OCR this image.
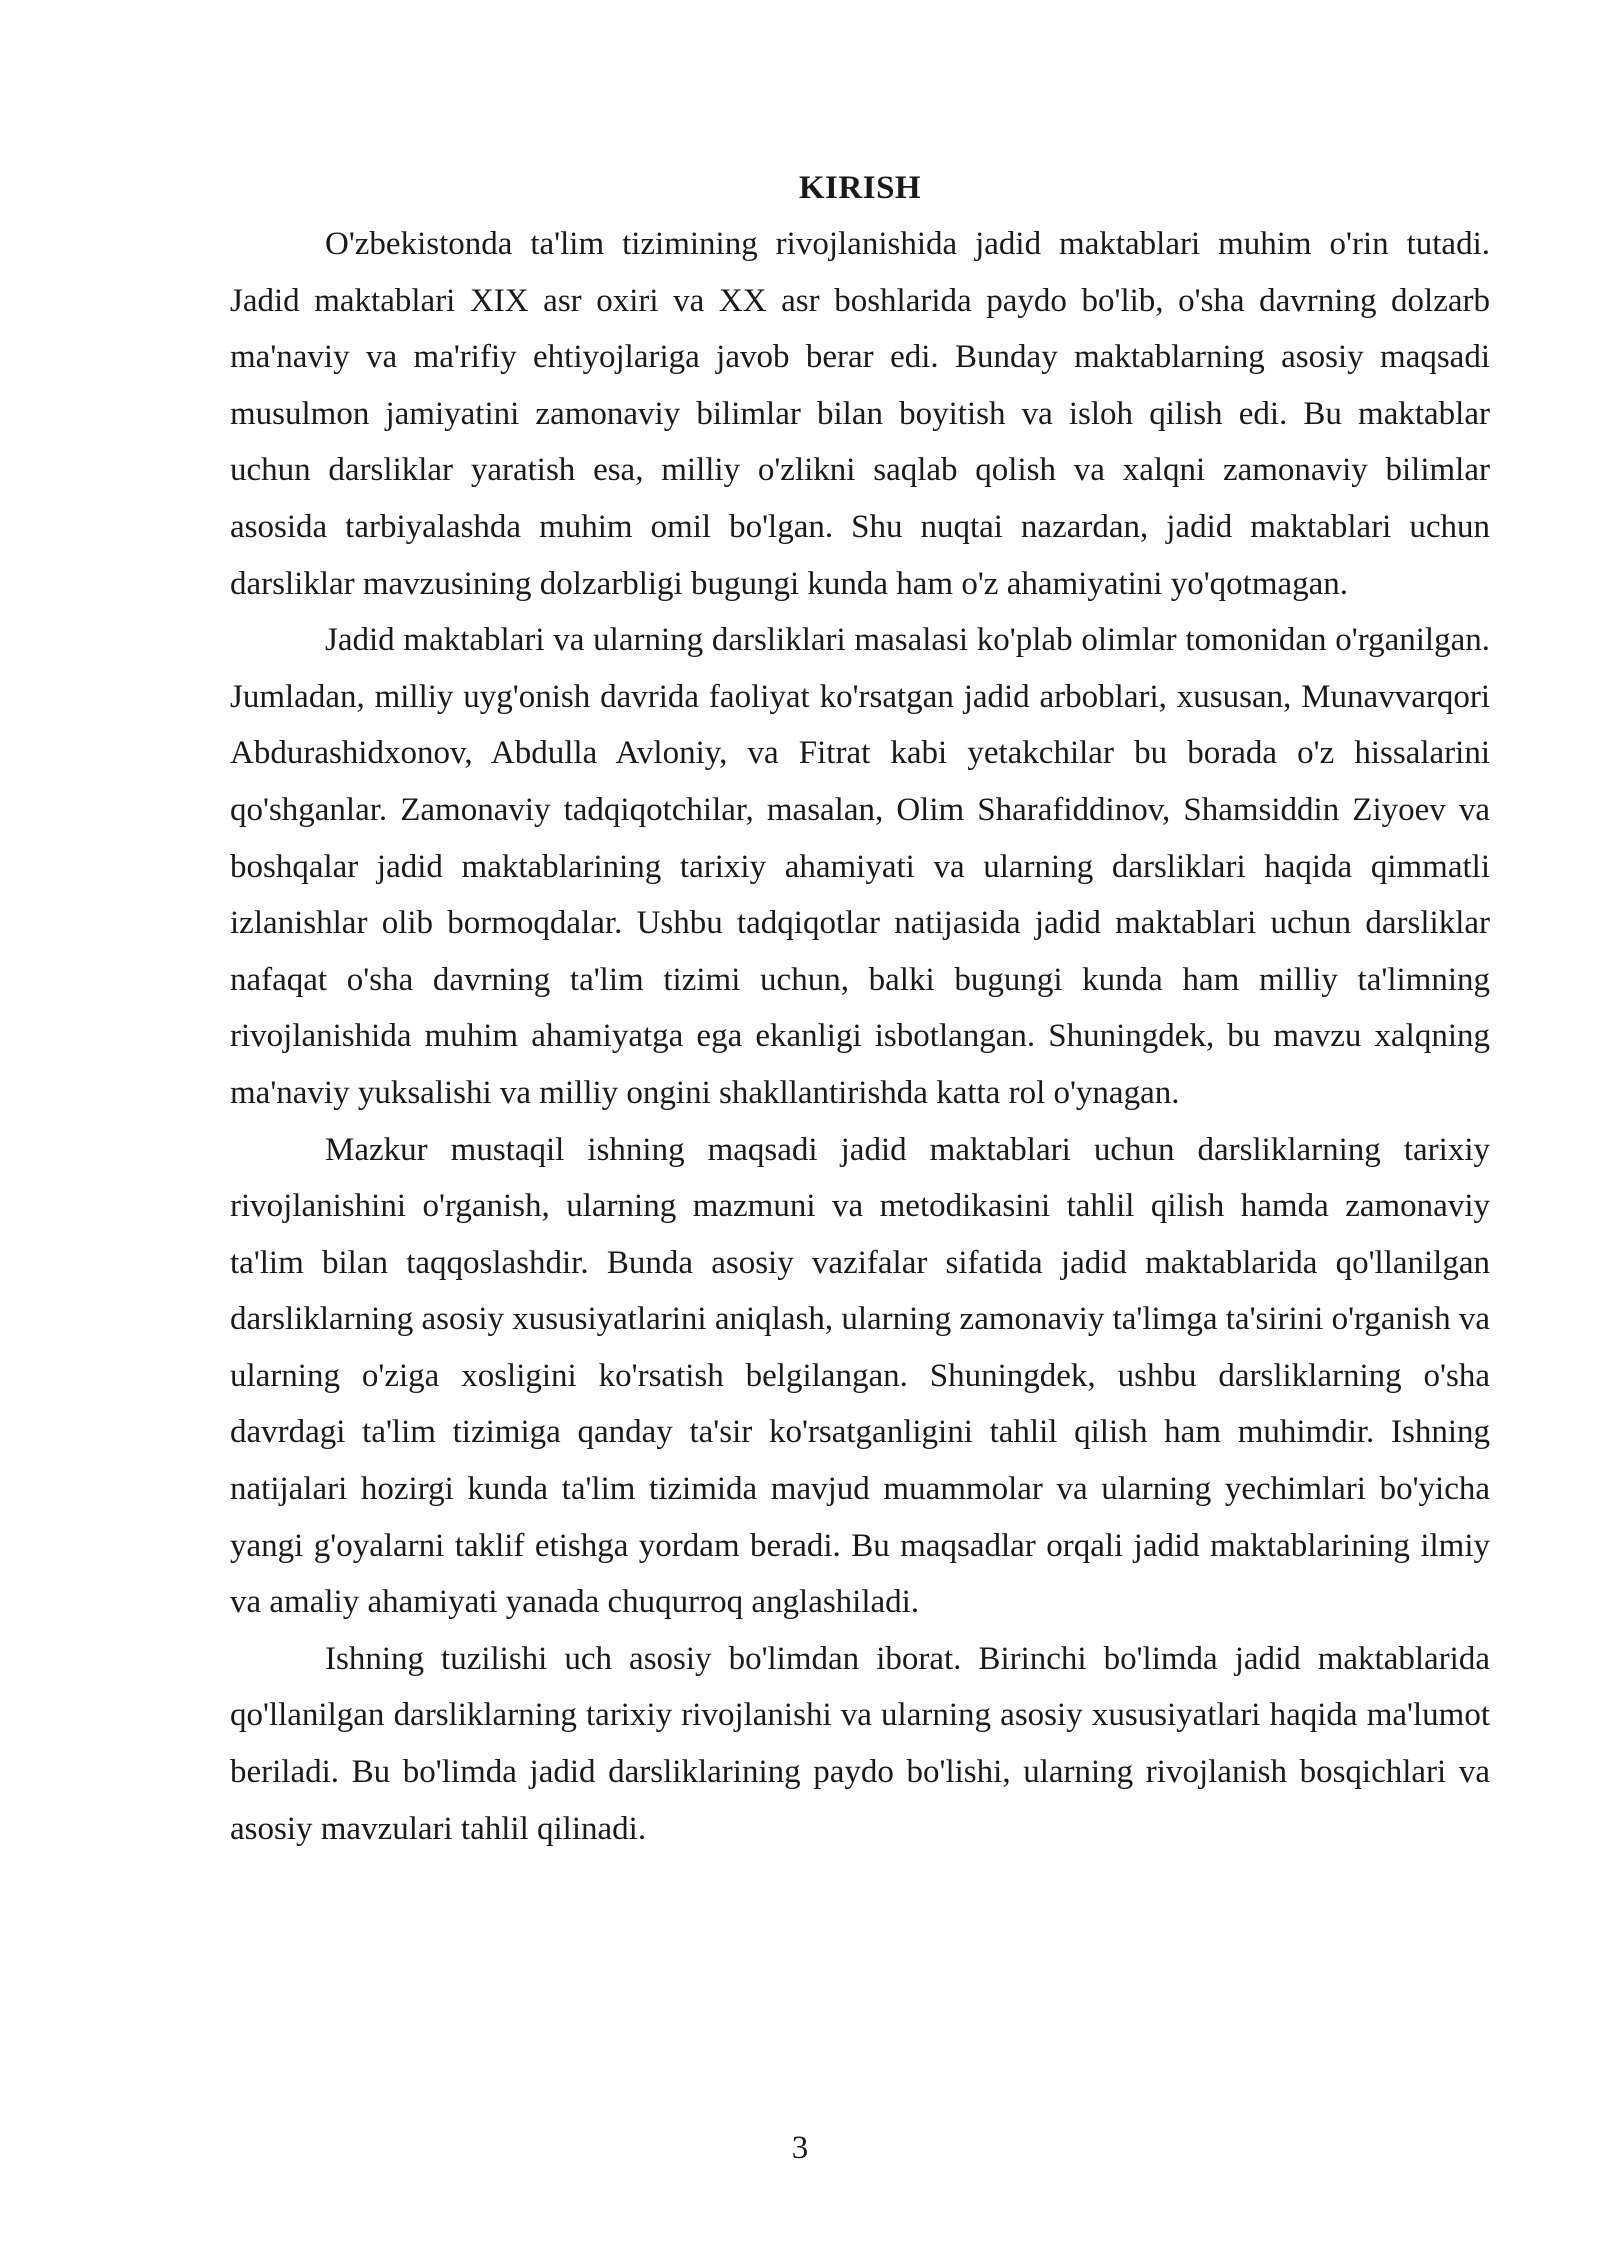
KIRISH

O'zbekistonda ta'lim tizimining rivojlanishida jadid maktablari muhim o'rin tutadi. Jadid maktablari XIX asr oxiri va XX asr boshlarida paydo bo'lib, o'sha davrning dolzarb ma'naviy va ma'rifiy ehtiyojlariga javob berar edi. Bunday maktablarning asosiy maqsadi musulmon jamiyatini zamonaviy bilimlar bilan boyitish va isloh qilish edi. Bu maktablar uchun darsliklar yaratish esa, milliy o'zlikni saqlab qolish va xalqni zamonaviy bilimlar asosida tarbiyalashda muhim omil bo'lgan. Shu nuqtai nazardan, jadid maktablari uchun darsliklar mavzusining dolzarbligi bugungi kunda ham o'z ahamiyatini yo'qotmagan.

Jadid maktablari va ularning darsliklari masalasi ko'plab olimlar tomonidan o'rganilgan. Jumladan, milliy uyg'onish davrida faoliyat ko'rsatgan jadid arboblari, xususan, Munavvarqori Abdurashidxonov, Abdulla Avloniy, va Fitrat kabi yetakchilar bu borada o'z hissalarini qo'shganlar. Zamonaviy tadqiqotchilar, masalan, Olim Sharafiddinov, Shamsiddin Ziyoev va boshqalar jadid maktablarining tarixiy ahamiyati va ularning darsliklari haqida qimmatli izlanishlar olib bormoqdalar. Ushbu tadqiqotlar natijasida jadid maktablari uchun darsliklar nafaqat o'sha davrning ta'lim tizimi uchun, balki bugungi kunda ham milliy ta'limning rivojlanishida muhim ahamiyatga ega ekanligi isbotlangan. Shuningdek, bu mavzu xalqning ma'naviy yuksalishi va milliy ongini shakllantirishda katta rol o'ynagan.

Mazkur mustaqil ishning maqsadi jadid maktablari uchun darsliklarning tarixiy rivojlanishini o'rganish, ularning mazmuni va metodikasini tahlil qilish hamda zamonaviy ta'lim bilan taqqoslashdir. Bunda asosiy vazifalar sifatida jadid maktablarida qo'llanilgan darsliklarning asosiy xususiyatlarini aniqlash, ularning zamonaviy ta'limga ta'sirini o'rganish va ularning o'ziga xosligini ko'rsatish belgilangan. Shuningdek, ushbu darsliklarning o'sha davrdagi ta'lim tizimiga qanday ta'sir ko'rsatganligini tahlil qilish ham muhimdir. Ishning natijalari hozirgi kunda ta'lim tizimida mavjud muammolar va ularning yechimlari bo'yicha yangi g'oyalarni taklif etishga yordam beradi. Bu maqsadlar orqali jadid maktablarining ilmiy va amaliy ahamiyati yanada chuqurroq anglashiladi.

Ishning tuzilishi uch asosiy bo'limdan iborat. Birinchi bo'limda jadid maktablarida qo'llanilgan darsliklarning tarixiy rivojlanishi va ularning asosiy xususiyatlari haqida ma'lumot beriladi. Bu bo'limda jadid darsliklarining paydo bo'lishi, ularning rivojlanish bosqichlari va asosiy mavzulari tahlil qilinadi.

3
